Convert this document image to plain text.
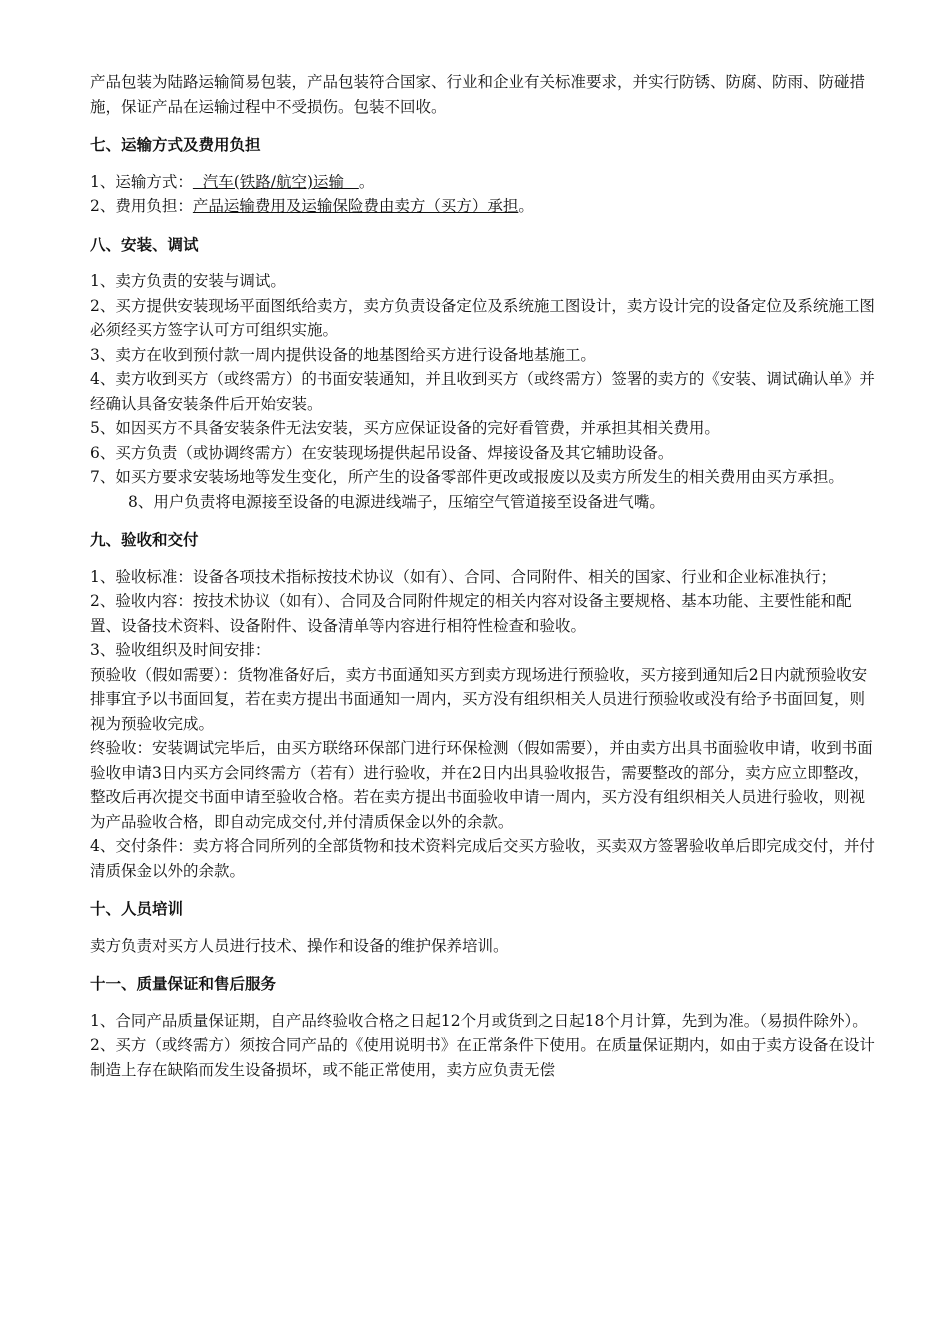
产品包装为陆路运输简易包装，产品包装符合国家、行业和企业有关标准要求，并实行防锈、防腐、防雨、防碰措施，保证产品在运输过程中不受损伤。包装不回收。

七、运输方式及费用负担

1、运输方式：  汽车(铁路/航空)运输   。

2、费用负担：产品运输费用及运输保险费由卖方（买方）承担。

八、安装、调试

1、卖方负责的安装与调试。

2、买方提供安装现场平面图纸给卖方，卖方负责设备定位及系统施工图设计，卖方设计完的设备定位及系统施工图必须经买方签字认可方可组织实施。

3、卖方在收到预付款一周内提供设备的地基图给买方进行设备地基施工。

4、卖方收到买方（或终需方）的书面安装通知，并且收到买方（或终需方）签署的卖方的《安装、调试确认单》并经确认具备安装条件后开始安装。

5、如因买方不具备安装条件无法安装，买方应保证设备的完好看管费，并承担其相关费用。

6、买方负责（或协调终需方）在安装现场提供起吊设备、焊接设备及其它辅助设备。

7、如买方要求安装场地等发生变化，所产生的设备零部件更改或报废以及卖方所发生的相关费用由买方承担。

8、用户负责将电源接至设备的电源进线端子，压缩空气管道接至设备进气嘴。

九、验收和交付

1、验收标准：设备各项技术指标按技术协议（如有）、合同、合同附件、相关的国家、行业和企业标准执行；

2、验收内容：按技术协议（如有）、合同及合同附件规定的相关内容对设备主要规格、基本功能、主要性能和配置、设备技术资料、设备附件、设备清单等内容进行相符性检查和验收。

3、验收组织及时间安排：

预验收（假如需要）：货物准备好后，卖方书面通知买方到卖方现场进行预验收，买方接到通知后2日内就预验收安排事宜予以书面回复，若在卖方提出书面通知一周内，买方没有组织相关人员进行预验收或没有给予书面回复，则视为预验收完成。

终验收：安装调试完毕后，由买方联络环保部门进行环保检测（假如需要），并由卖方出具书面验收申请，收到书面验收申请3日内买方会同终需方（若有）进行验收，并在2日内出具验收报告，需要整改的部分，卖方应立即整改，整改后再次提交书面申请至验收合格。若在卖方提出书面验收申请一周内，买方没有组织相关人员进行验收，则视为产品验收合格，即自动完成交付,并付清质保金以外的余款。

4、交付条件：卖方将合同所列的全部货物和技术资料完成后交买方验收，买卖双方签署验收单后即完成交付，并付清质保金以外的余款。

十、人员培训

卖方负责对买方人员进行技术、操作和设备的维护保养培训。

十一、质量保证和售后服务

1、合同产品质量保证期，自产品终验收合格之日起12个月或货到之日起18个月计算，先到为准。（易损件除外）。

2、买方（或终需方）须按合同产品的《使用说明书》在正常条件下使用。在质量保证期内，如由于卖方设备在设计制造上存在缺陷而发生设备损坏，或不能正常使用，卖方应负责无偿
